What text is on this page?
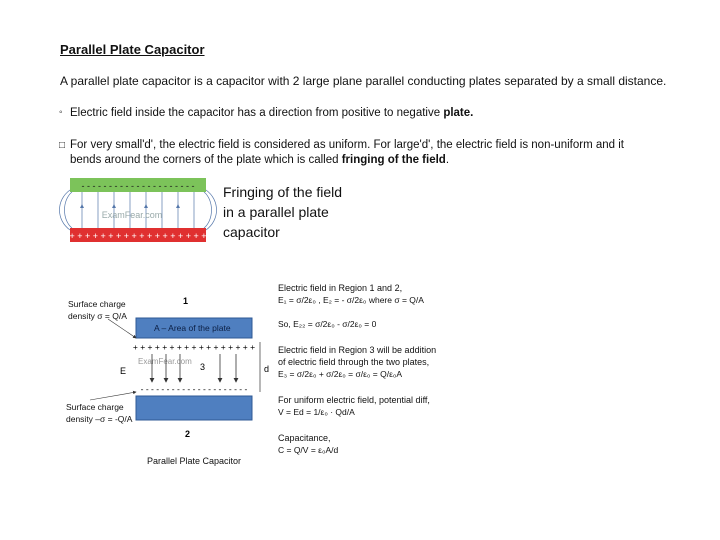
Parallel Plate Capacitor
A parallel plate capacitor is a capacitor with 2 large plane parallel conducting plates separated by a small distance.
◦ Electric field inside the capacitor has a direction from positive to negative plate.
□ For very small'd', the electric field is considered as uniform. For large'd', the electric field is non-uniform and it bends around the corners of the plate which is called fringing of the field.
- - - - - - - - - - - - - - - - - - - - -
+ + + + + + + + + + + + + + + + + +
ExamFear.com
Fringing of the field
in a parallel plate
capacitor
Surface charge
density σ = Q/A
Surface charge
density –σ = -Q/A
1
2
A – Area of the plate
+ + + + + + + + + + + + + + + + +
- - - - - - - - - - - - - - - - - - - - -
ExamFear.com
3
E	d
Parallel Plate Capacitor
Electric field in Region 1 and 2,
E₁ = σ/2ε₀ , E₂ = - σ/2ε₀ where σ = Q/A
So, E₂₂ = σ/2ε₀ - σ/2ε₀ = 0
Electric field in Region 3 will be addition
of electric field through the two plates,
E₃ = σ/2ε₀ + σ/2ε₀ = σ/ε₀ = Q/ε₀A
For uniform electric field, potential diff,
V = Ed = 1/ε₀ · Qd/A
Capacitance,
C = Q/V = ε₀A/d
